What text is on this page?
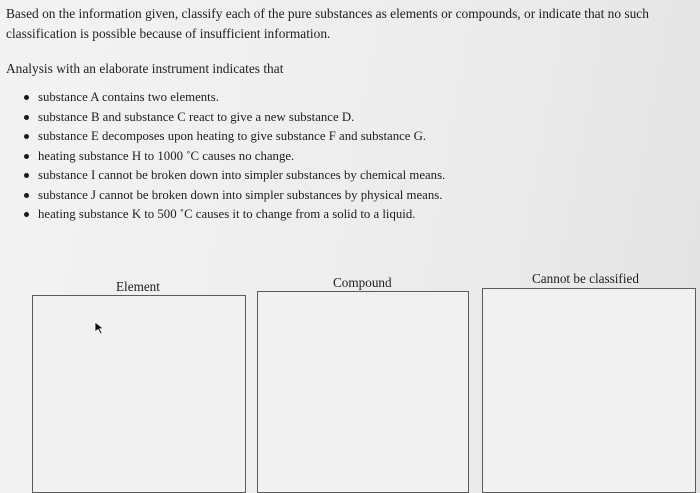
Based on the information given, classify each of the pure substances as elements or compounds, or indicate that no such classification is possible because of insufficient information.
Analysis with an elaborate instrument indicates that
substance A contains two elements.
substance B and substance C react to give a new substance D.
substance E decomposes upon heating to give substance F and substance G.
heating substance H to 1000 ˚C causes no change.
substance I cannot be broken down into simpler substances by chemical means.
substance J cannot be broken down into simpler substances by physical means.
heating substance K to 500 ˚C causes it to change from a solid to a liquid.
Element	Compound	Cannot be classified
